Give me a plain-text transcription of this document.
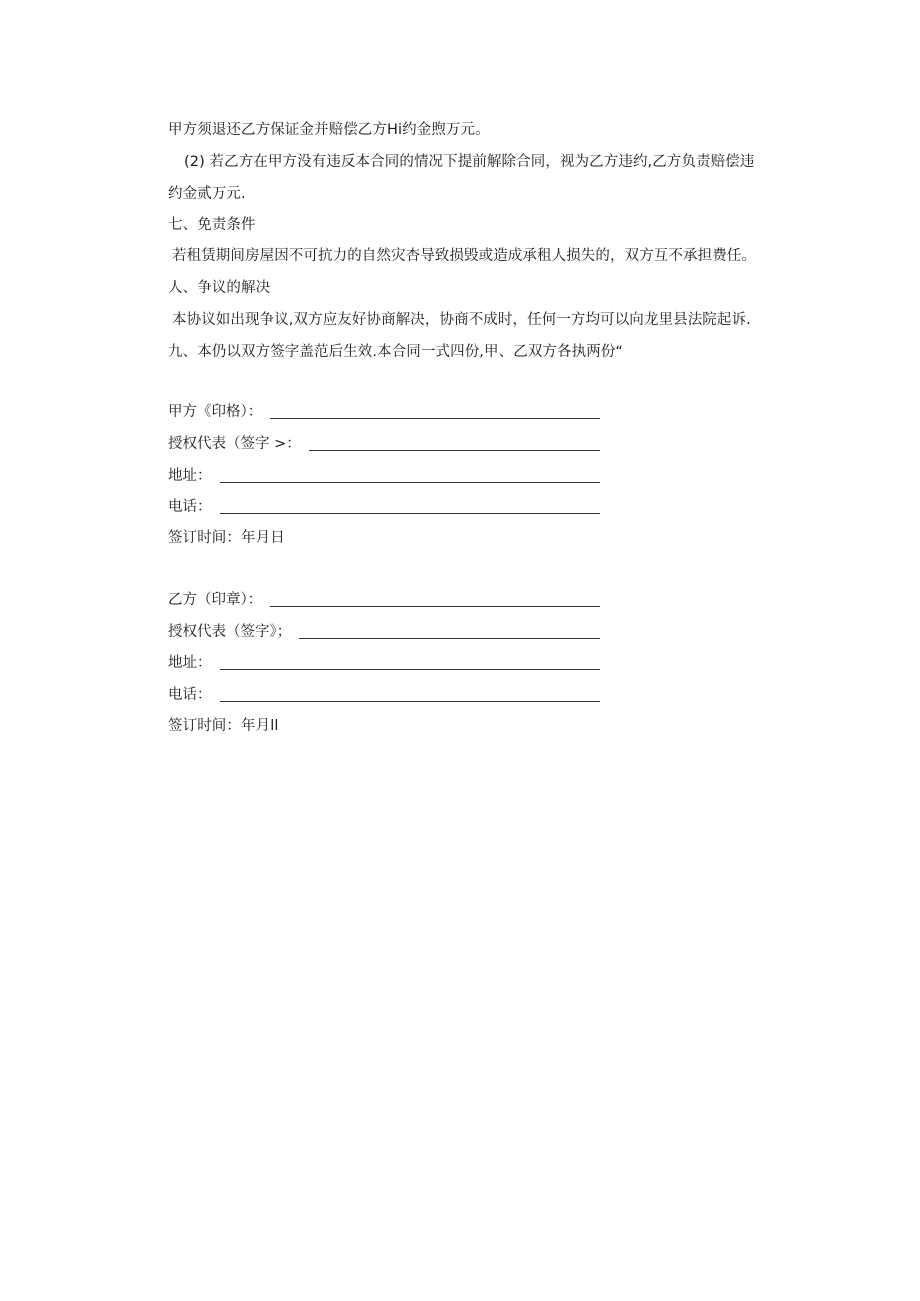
甲方须退还乙方保证金并赔偿乙方Hi约金煦万元。
(2) 若乙方在甲方没有违反本合同的情况下提前解除合同，视为乙方违约,乙方负责赔偿违
约金贰万元.
七、免责条件
若租赁期间房屋因不可抗力的自然灾杏导致损毁或造成承租人损失的，双方互不承担费任。
人、争议的解决
本协议如出现争议,双方应友好协商解决，协商不成时，任何一方均可以向龙里县法院起诉.
九、本仍以双方签字盖范后生效.本合同一式四份,甲、乙双方各执两份“
甲方《印格）：
授权代表（签字 >：
地址：
电话：
签订时间：年月日
乙方（印章）：
授权代表（签字》；
地址：
电话：
签订时间：年月ll
